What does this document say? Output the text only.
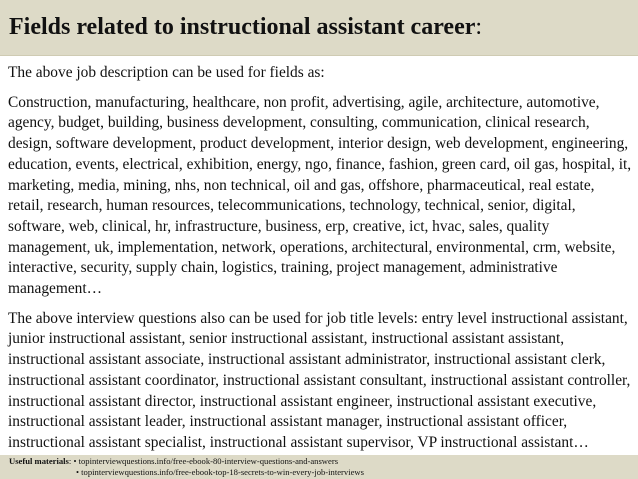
Fields related to instructional assistant career:

The above job description can be used for fields as:

Construction, manufacturing, healthcare, non profit, advertising, agile, architecture, automotive, agency, budget, building, business development, consulting, communication, clinical research, design, software development, product development, interior design, web development, engineering, education, events, electrical, exhibition, energy, ngo, finance, fashion, green card, oil gas, hospital, it, marketing, media, mining, nhs, non technical, oil and gas, offshore, pharmaceutical, real estate, retail, research, human resources, telecommunications, technology, technical, senior, digital, software, web, clinical, hr, infrastructure, business, erp, creative, ict, hvac, sales, quality management, uk, implementation, network, operations, architectural, environmental, crm, website, interactive, security, supply chain, logistics, training, project management, administrative management…

The above interview questions also can be used for job title levels: entry level instructional assistant, junior instructional assistant, senior instructional assistant, instructional assistant assistant, instructional assistant associate, instructional assistant administrator, instructional assistant clerk, instructional assistant coordinator, instructional assistant consultant, instructional assistant controller, instructional assistant director, instructional assistant engineer, instructional assistant executive, instructional assistant leader, instructional assistant manager, instructional assistant officer, instructional assistant specialist, instructional assistant supervisor, VP instructional assistant…

Useful materials: • topinterviewquestions.info/free-ebook-80-interview-questions-and-answers
• topinterviewquestions.info/free-ebook-top-18-secrets-to-win-every-job-interviews
